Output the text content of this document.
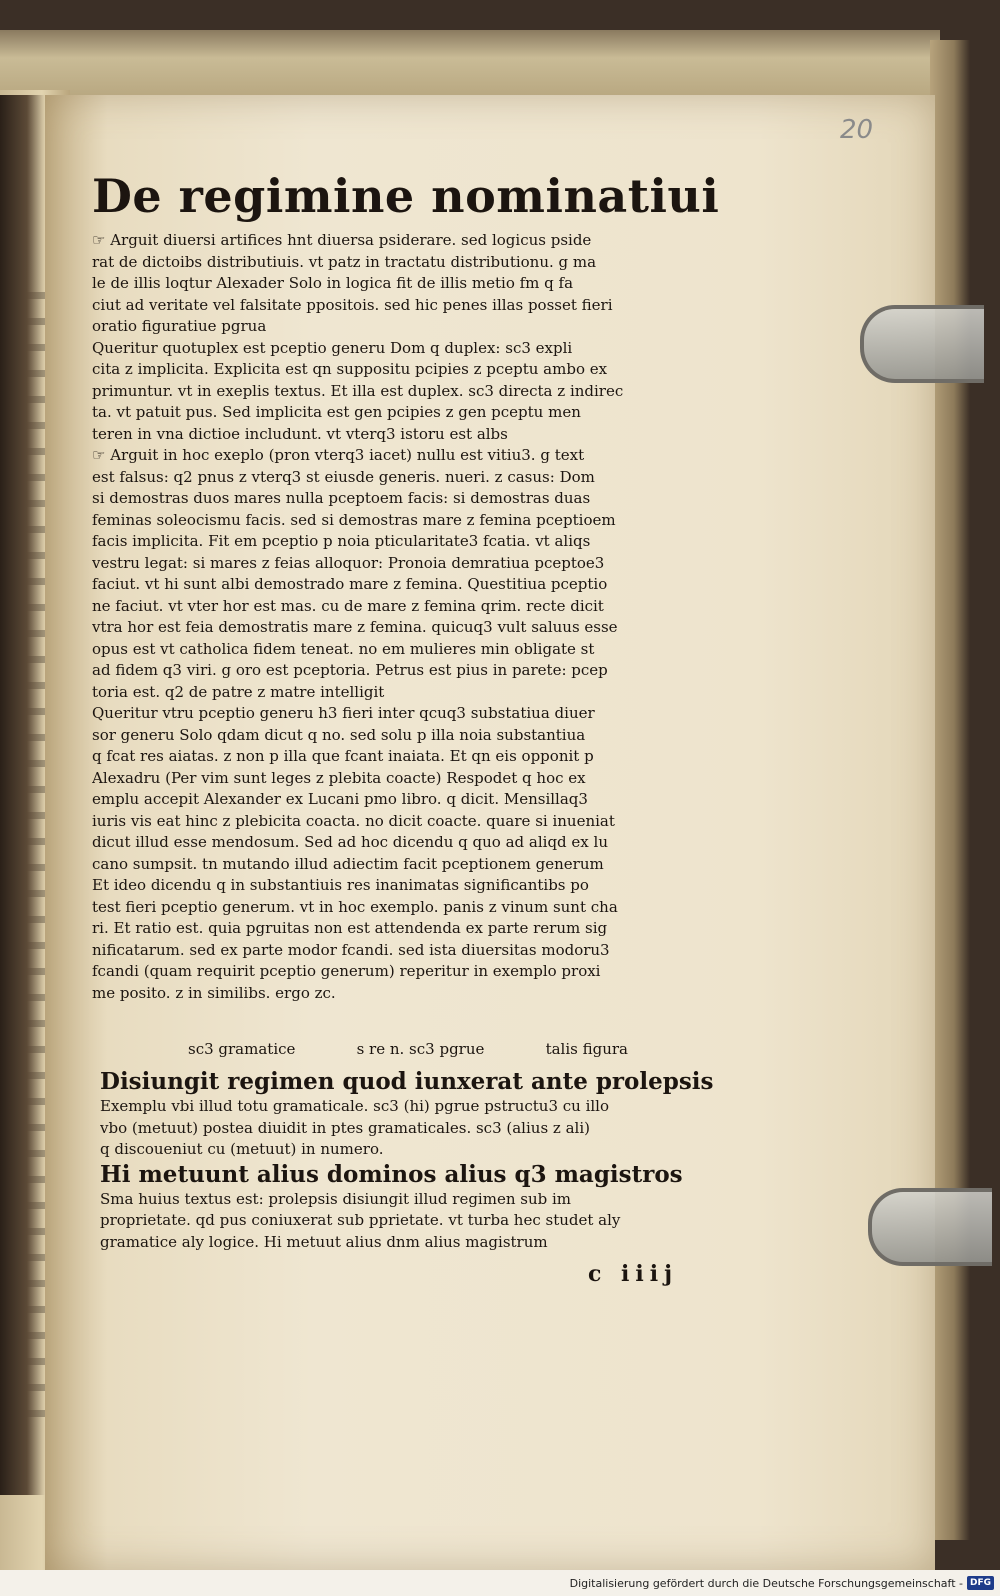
20
De regimine nominatiui

☞ Arguit diuersi artifices hnt diuersa psiderare. sed logicus pside

rat de dictoibs distributiuis. vt patz in tractatu distributionu. g ma

le de illis loqtur Alexader Solo in logica fit de illis metio fm q fa

ciut ad veritate vel falsitate ppositois. sed hic penes illas posset fieri

oratio figuratiue pgrua

Queritur quotuplex est pceptio generu Dom q duplex: sc3 expli

cita z implicita. Explicita est qn suppositu pcipies z pceptu ambo ex

primuntur. vt in exeplis textus. Et illa est duplex. sc3 directa z indirec

ta. vt patuit pus. Sed implicita est gen pcipies z gen pceptu men

teren in vna dictioe includunt. vt vterq3 istoru est albs

☞ Arguit in hoc exeplo (pron vterq3 iacet) nullu est vitiu3. g text

est falsus: q2 pnus z vterq3 st eiusde generis. nueri. z casus: Dom

si demostras duos mares nulla pceptoem facis: si demostras duas

feminas soleocismu facis. sed si demostras mare z femina pceptioem

facis implicita. Fit em pceptio p noia pticularitate3 fcatia. vt aliqs

vestru legat: si mares z feias alloquor: Pronoia demratiua pceptoe3

faciut. vt hi sunt albi demostrado mare z femina. Questitiua pceptio

ne faciut. vt vter hor est mas. cu de mare z femina qrim. recte dicit

vtra hor est feia demostratis mare z femina. quicuq3 vult saluus esse

opus est vt catholica fidem teneat. no em mulieres min obligate st

ad fidem q3 viri. g oro est pceptoria. Petrus est pius in parete: pcep

toria est. q2 de patre z matre intelligit

Queritur vtru pceptio generu h3 fieri inter qcuq3 substatiua diuer

sor generu Solo qdam dicut q no. sed solu p illa noia substantiua

q fcat res aiatas. z non p illa que fcant inaiata. Et qn eis opponit p

Alexadru (Per vim sunt leges z plebita coacte) Respodet q hoc ex

emplu accepit Alexander ex Lucani pmo libro. q dicit. Mensillaq3

iuris vis eat hinc z plebicita coacta. no dicit coacte. quare si inueniat

dicut illud esse mendosum. Sed ad hoc dicendu q quo ad aliqd ex lu

cano sumpsit. tn mutando illud adiectim facit pceptionem generum

Et ideo dicendu q in substantiuis res inanimatas significantibs po

test fieri pceptio generum. vt in hoc exemplo. panis z vinum sunt cha

ri. Et ratio est. quia pgruitas non est attendenda ex parte rerum sig

nificatarum. sed ex parte modor fcandi. sed ista diuersitas modoru3

fcandi (quam requirit pceptio generum) reperitur in exemplo proxi

me posito. z in similibs. ergo zc.

sc3 gramatice	s re n. sc3 pgrue	talis figura

Disiungit regimen quod iunxerat ante prolepsis

Exemplu vbi illud totu gramaticale. sc3 (hi) pgrue pstructu3 cu illo

vbo (metuut) postea diuidit in ptes gramaticales. sc3 (alius z ali)

q discoueniut cu (metuut) in numero.

Hi metuunt alius dominos alius q3 magistros

Sma huius textus est: prolepsis disiungit illud regimen sub im

proprietate. qd pus coniuxerat sub pprietate. vt turba hec studet aly

gramatice aly logice. Hi metuut alius dnm alius magistrum

c iiij
Digitalisierung gefördert durch die Deutsche Forschungsgemeinschaft - DFG
